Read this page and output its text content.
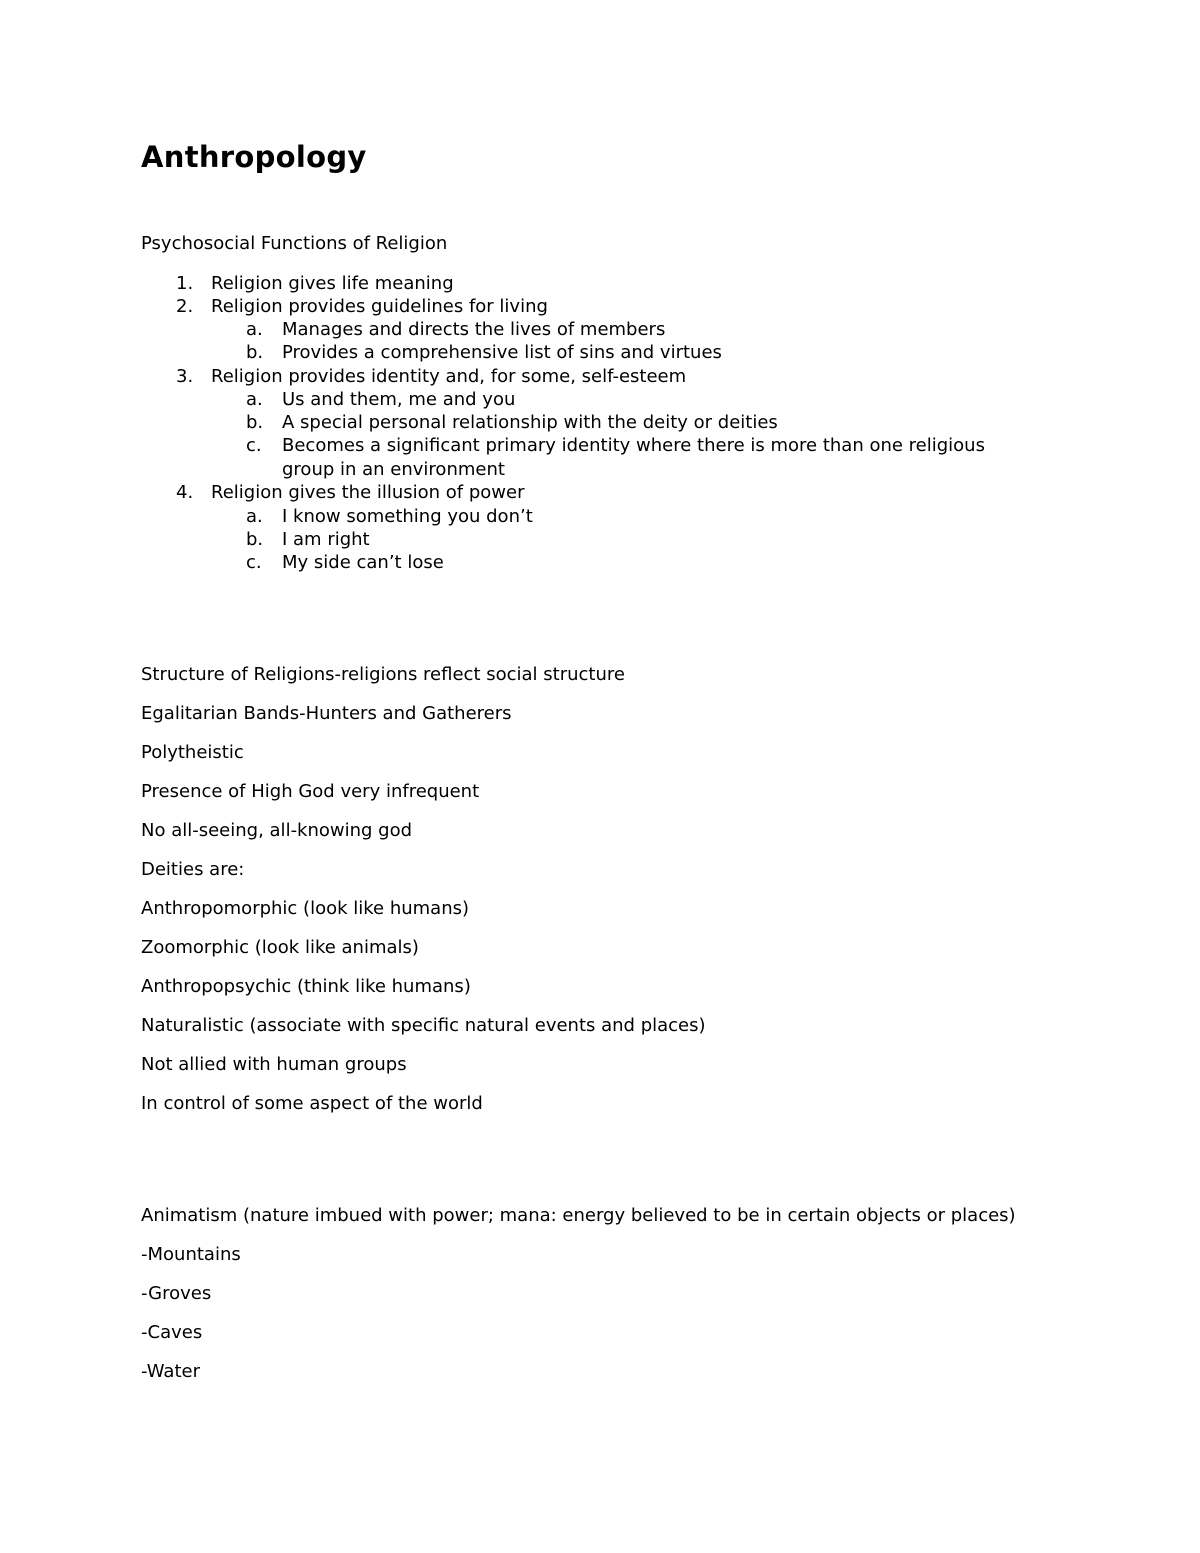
Anthropology

Psychosocial Functions of Religion

1. Religion gives life meaning
2. Religion provides guidelines for living
a.	Manages and directs the lives of members
b.	Provides a comprehensive list of sins and virtues
3. Religion provides identity and, for some, self-esteem
a.	Us and them, me and you
b.	A special personal relationship with the deity or deities
c.	Becomes a significant primary identity where there is more than one religious
group in an environment
4. Religion gives the illusion of power
a.	I know something you don’t
b.	I am right
c.	My side can’t lose

Structure of Religions-religions reflect social structure

Egalitarian Bands-Hunters and Gatherers

Polytheistic

Presence of High God very infrequent

No all-seeing, all-knowing god

Deities are:

Anthropomorphic (look like humans)

Zoomorphic (look like animals)

Anthropopsychic (think like humans)

Naturalistic (associate with specific natural events and places)

Not allied with human groups

In control of some aspect of the world

Animatism (nature imbued with power; mana: energy believed to be in certain objects or places)

-Mountains

-Groves

-Caves

-Water
